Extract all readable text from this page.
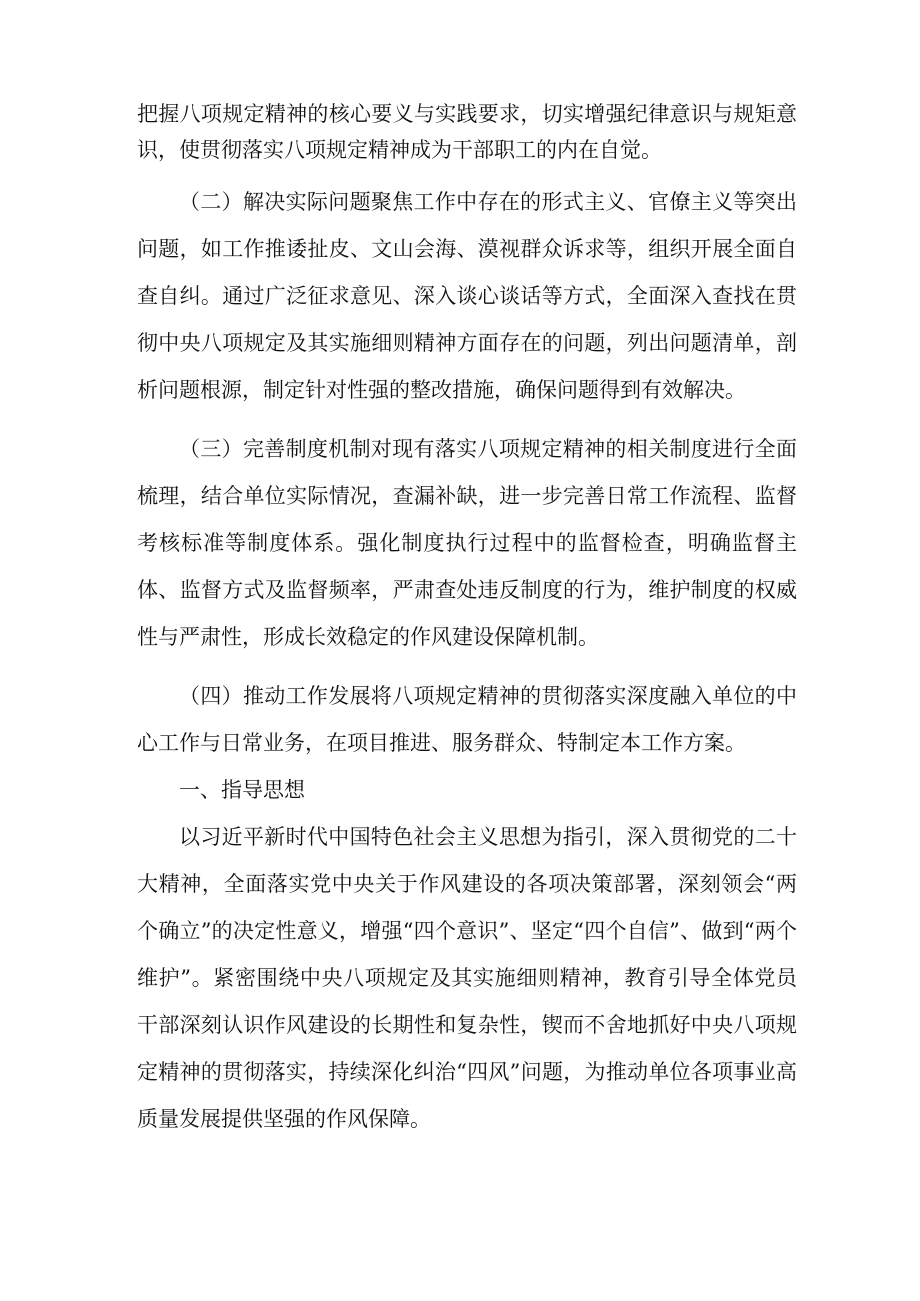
把握八项规定精神的核心要义与实践要求，切实增强纪律意识与规矩意识，使贯彻落实八项规定精神成为干部职工的内在自觉。

（二）解决实际问题聚焦工作中存在的形式主义、官僚主义等突出问题，如工作推诿扯皮、文山会海、漠视群众诉求等，组织开展全面自查自纠。通过广泛征求意见、深入谈心谈话等方式，全面深入查找在贯彻中央八项规定及其实施细则精神方面存在的问题，列出问题清单，剖析问题根源，制定针对性强的整改措施，确保问题得到有效解决。

（三）完善制度机制对现有落实八项规定精神的相关制度进行全面梳理，结合单位实际情况，查漏补缺，进一步完善日常工作流程、监督考核标准等制度体系。强化制度执行过程中的监督检查，明确监督主体、监督方式及监督频率，严肃查处违反制度的行为，维护制度的权威性与严肃性，形成长效稳定的作风建设保障机制。

（四）推动工作发展将八项规定精神的贯彻落实深度融入单位的中心工作与日常业务，在项目推进、服务群众、特制定本工作方案。

一、指导思想

以习近平新时代中国特色社会主义思想为指引，深入贯彻党的二十大精神，全面落实党中央关于作风建设的各项决策部署，深刻领会“两个确立”的决定性意义，增强“四个意识”、坚定“四个自信”、做到“两个维护”。紧密围绕中央八项规定及其实施细则精神，教育引导全体党员干部深刻认识作风建设的长期性和复杂性，锲而不舍地抓好中央八项规定精神的贯彻落实，持续深化纠治“四风”问题，为推动单位各项事业高质量发展提供坚强的作风保障。
